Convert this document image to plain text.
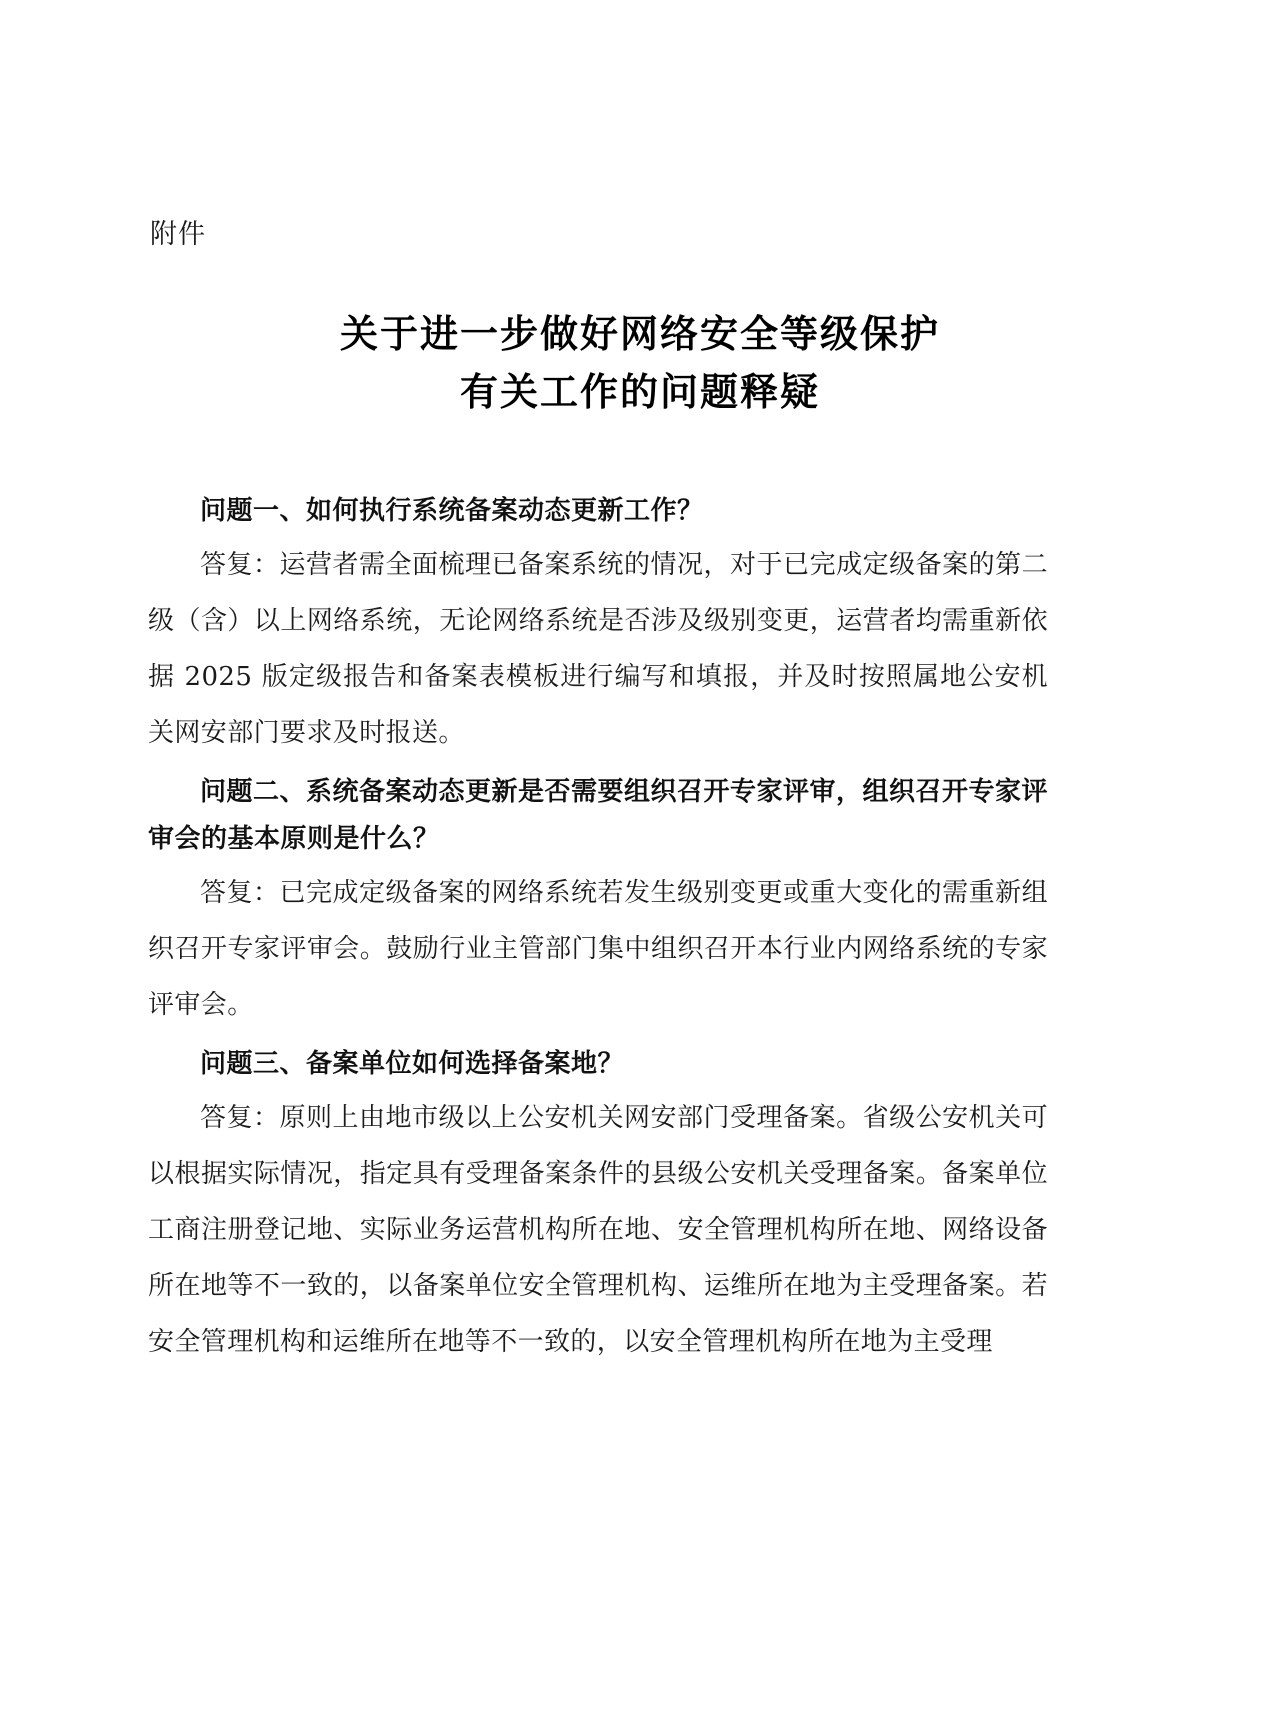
附件
关于进一步做好网络安全等级保护
有关工作的问题释疑

问题一、如何执行系统备案动态更新工作？

答复：运营者需全面梳理已备案系统的情况，对于已完成定级备案的第二级（含）以上网络系统，无论网络系统是否涉及级别变更，运营者均需重新依据 2025 版定级报告和备案表模板进行编写和填报，并及时按照属地公安机关网安部门要求及时报送。

问题二、系统备案动态更新是否需要组织召开专家评审，组织召开专家评审会的基本原则是什么？

答复：已完成定级备案的网络系统若发生级别变更或重大变化的需重新组织召开专家评审会。鼓励行业主管部门集中组织召开本行业内网络系统的专家评审会。

问题三、备案单位如何选择备案地？

答复：原则上由地市级以上公安机关网安部门受理备案。省级公安机关可以根据实际情况，指定具有受理备案条件的县级公安机关受理备案。备案单位工商注册登记地、实际业务运营机构所在地、安全管理机构所在地、网络设备所在地等不一致的，以备案单位安全管理机构、运维所在地为主受理备案。若安全管理机构和运维所在地等不一致的，以安全管理机构所在地为主受理
